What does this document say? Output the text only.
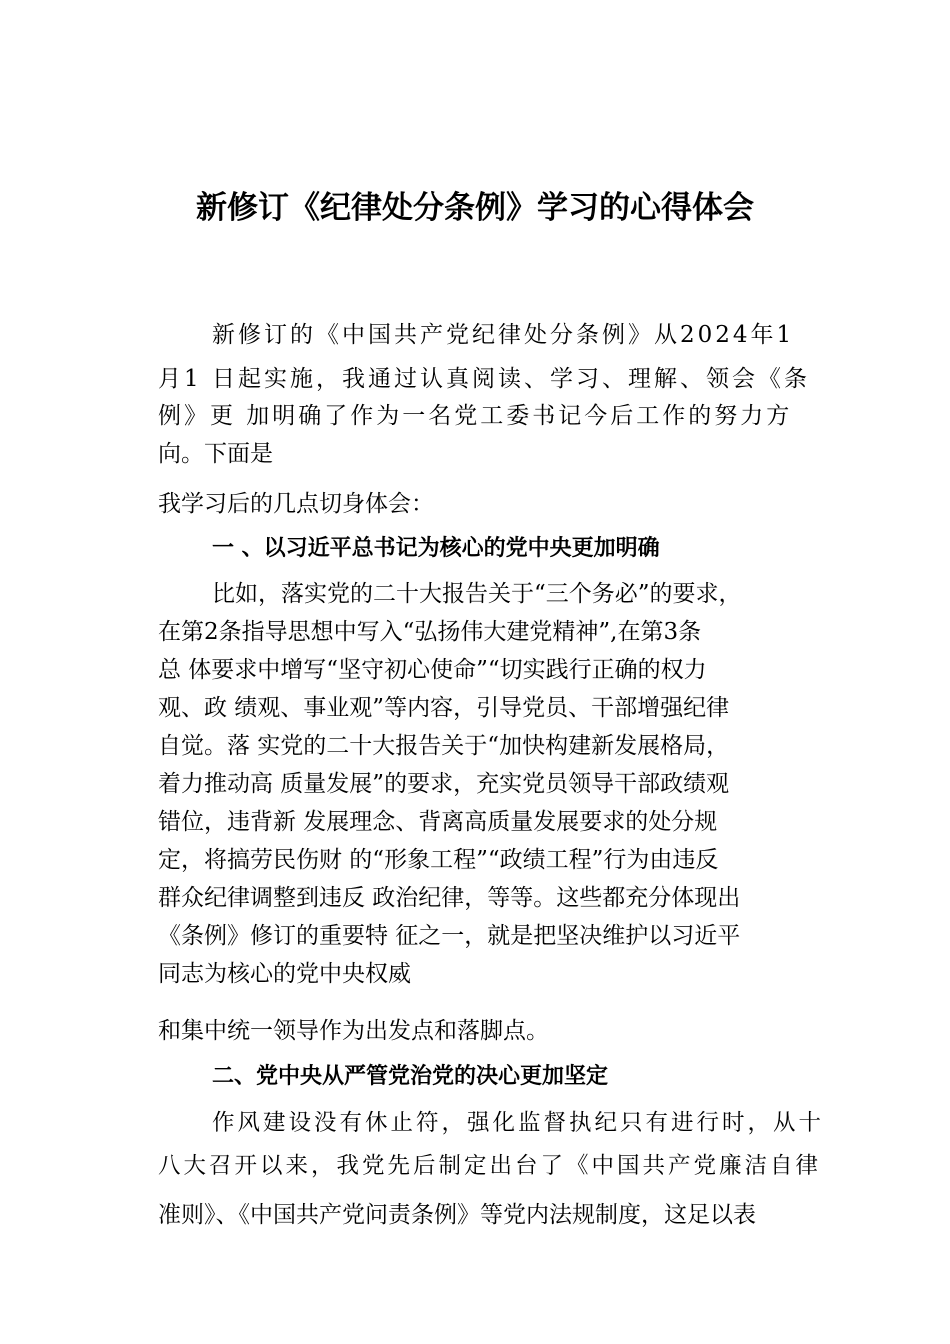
新修订《纪律处分条例》学习的心得体会

新修订的《中国共产党纪律处分条例》从2024年1

月1 日起实施，我通过认真阅读、学习、理解、领会《条

例》更 加明确了作为一名党工委书记今后工作的努力方

向。下面是

我学习后的几点切身体会：

一 、以习近平总书记为核心的党中央更加明确

比如，落实党的二十大报告关于“三个务必”的要求，

在第2条指导思想中写入“弘扬伟大建党精神”,在第3条

总 体要求中增写“坚守初心使命”“切实践行正确的权力

观、政 绩观、事业观”等内容，引导党员、干部增强纪律

自觉。落 实党的二十大报告关于“加快构建新发展格局，

着力推动高 质量发展”的要求，充实党员领导干部政绩观

错位，违背新 发展理念、背离高质量发展要求的处分规

定，将搞劳民伤财 的“形象工程”“政绩工程”行为由违反

群众纪律调整到违反 政治纪律，等等。这些都充分体现出

《条例》修订的重要特 征之一，就是把坚决维护以习近平

同志为核心的党中央权威

和集中统一领导作为出发点和落脚点。

二、党中央从严管党治党的决心更加坚定

作风建设没有休止符，强化监督执纪只有进行时，从十

八大召开以来，我党先后制定出台了《中国共产党廉洁自律

准则》、《中国共产党问责条例》等党内法规制度，这足以表
